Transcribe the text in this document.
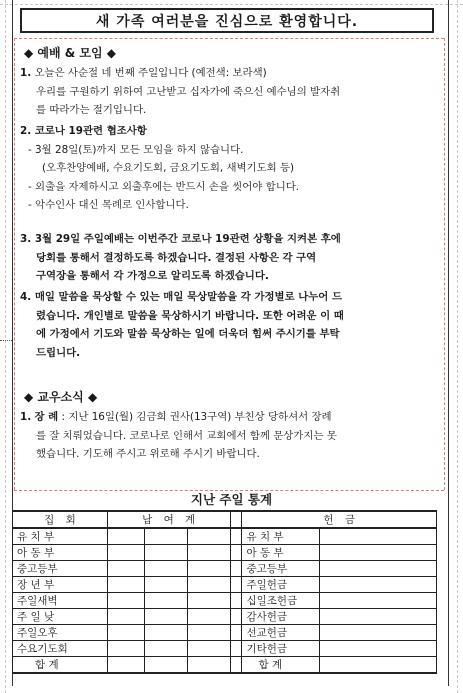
새 가족 여러분을 진심으로 환영합니다.
◆ 예배 & 모임 ◆
1. 오늘은 사순절 네 번째 주일입니다 (예전색: 보라색)
우리를 구원하기 위하여 고난받고 십자가에 죽으신 예수님의 발자취
를 따라가는 절기입니다.
2. 코로나 19관련 협조사항
- 3월 28일(토)까지 모든 모임을 하지 않습니다.
(오후찬양예배, 수요기도회, 금요기도회, 새벽기도회 등)
- 외출을 자제하시고 외출후에는 반드시 손을 씻어야 합니다.
- 악수인사 대신 목례로 인사합니다.
3. 3월 29일 주일예배는 이번주간 코로나 19관련 상황을 지켜본 후에
당회를 통해서 결정하도록 하겠습니다. 결정된 사항은 각 구역
구역장을 통해서 각 가정으로 알리도록 하겠습니다.
4. 매일 말씀을 묵상할 수 있는 매일 묵상말씀을 각 가정별로 나누어 드
렸습니다. 개인별로 말씀을 묵상하시기 바랍니다. 또한 어려운 이 때
에 가정에서 기도와 말씀 묵상하는 일에 더욱더 힘써 주시기를 부탁
드립니다.
◆ 교우소식 ◆
1. 장 례 : 지난 16일(월) 김금희 권사(13구역) 부친상 당하셔서 장례
를 잘 치뤄었습니다. 코로나로 인해서 교회에서 함께 문상가지는 못
했습니다. 기도해 주시고 위로해 주시기 바랍니다.
지난 주일 통계
집 회	남 여 계				헌 금	
유 치 부					유 치 부	
아 동 부					아 동 부	
중고등부					중고등부	
장 년 부					주일헌금	
주일새벽					십일조헌금	
주 일 낮					감사헌금	
주일오후					선교헌금	
수요기도회					기타헌금	
합 계					합 계	
